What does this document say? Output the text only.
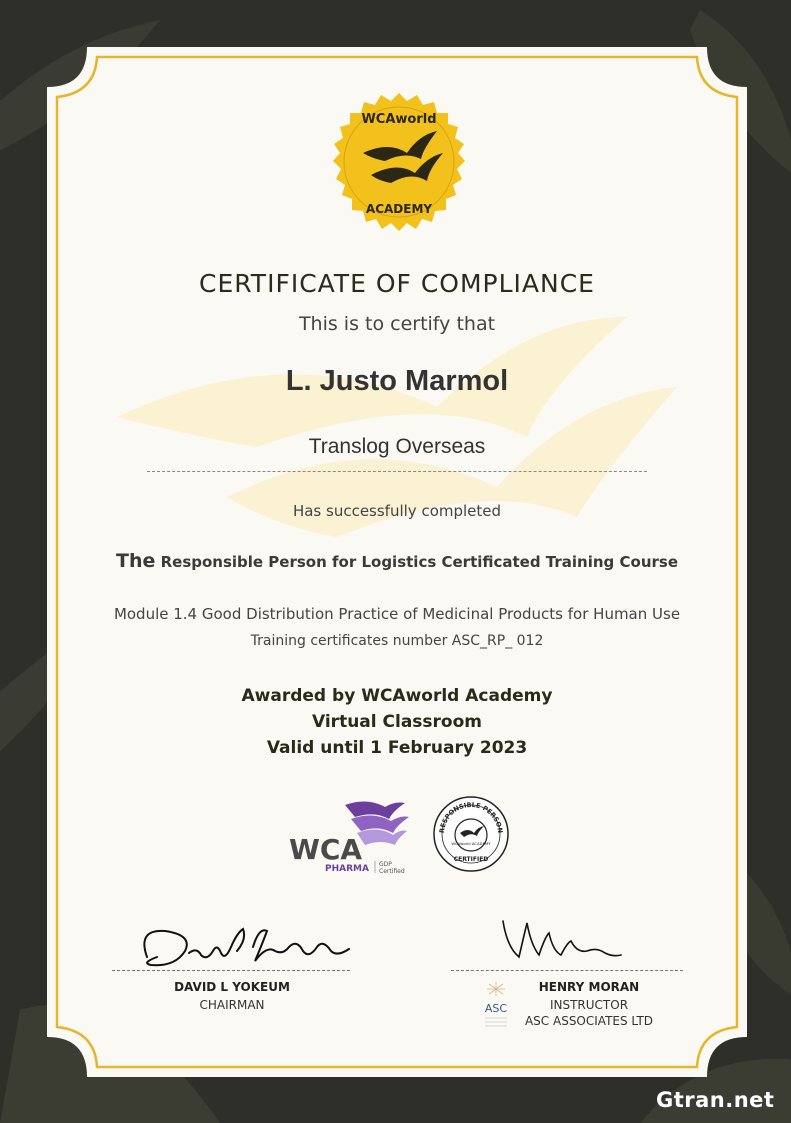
WCAworld
ACADEMY
CERTIFICATE OF COMPLIANCE
This is to certify that
L. Justo Marmol
Translog Overseas
Has successfully completed
The Responsible Person for Logistics Certificated Training Course
Module 1.4 Good Distribution Practice of Medicinal Products for Human Use
Training certificates number ASC_RP_ 012
Awarded by WCAworld Academy
Virtual Classroom
Valid until 1 February 2023
WCA
PHARMA GDP
Certified
RESPONSIBLE PERSON
WCAworld ACADEMY
CERTIFIED
DAVID L YOKEUM
CHAIRMAN	ASC
HENRY MORAN
INSTRUCTOR
ASC ASSOCIATES LTD
Gtran.net
